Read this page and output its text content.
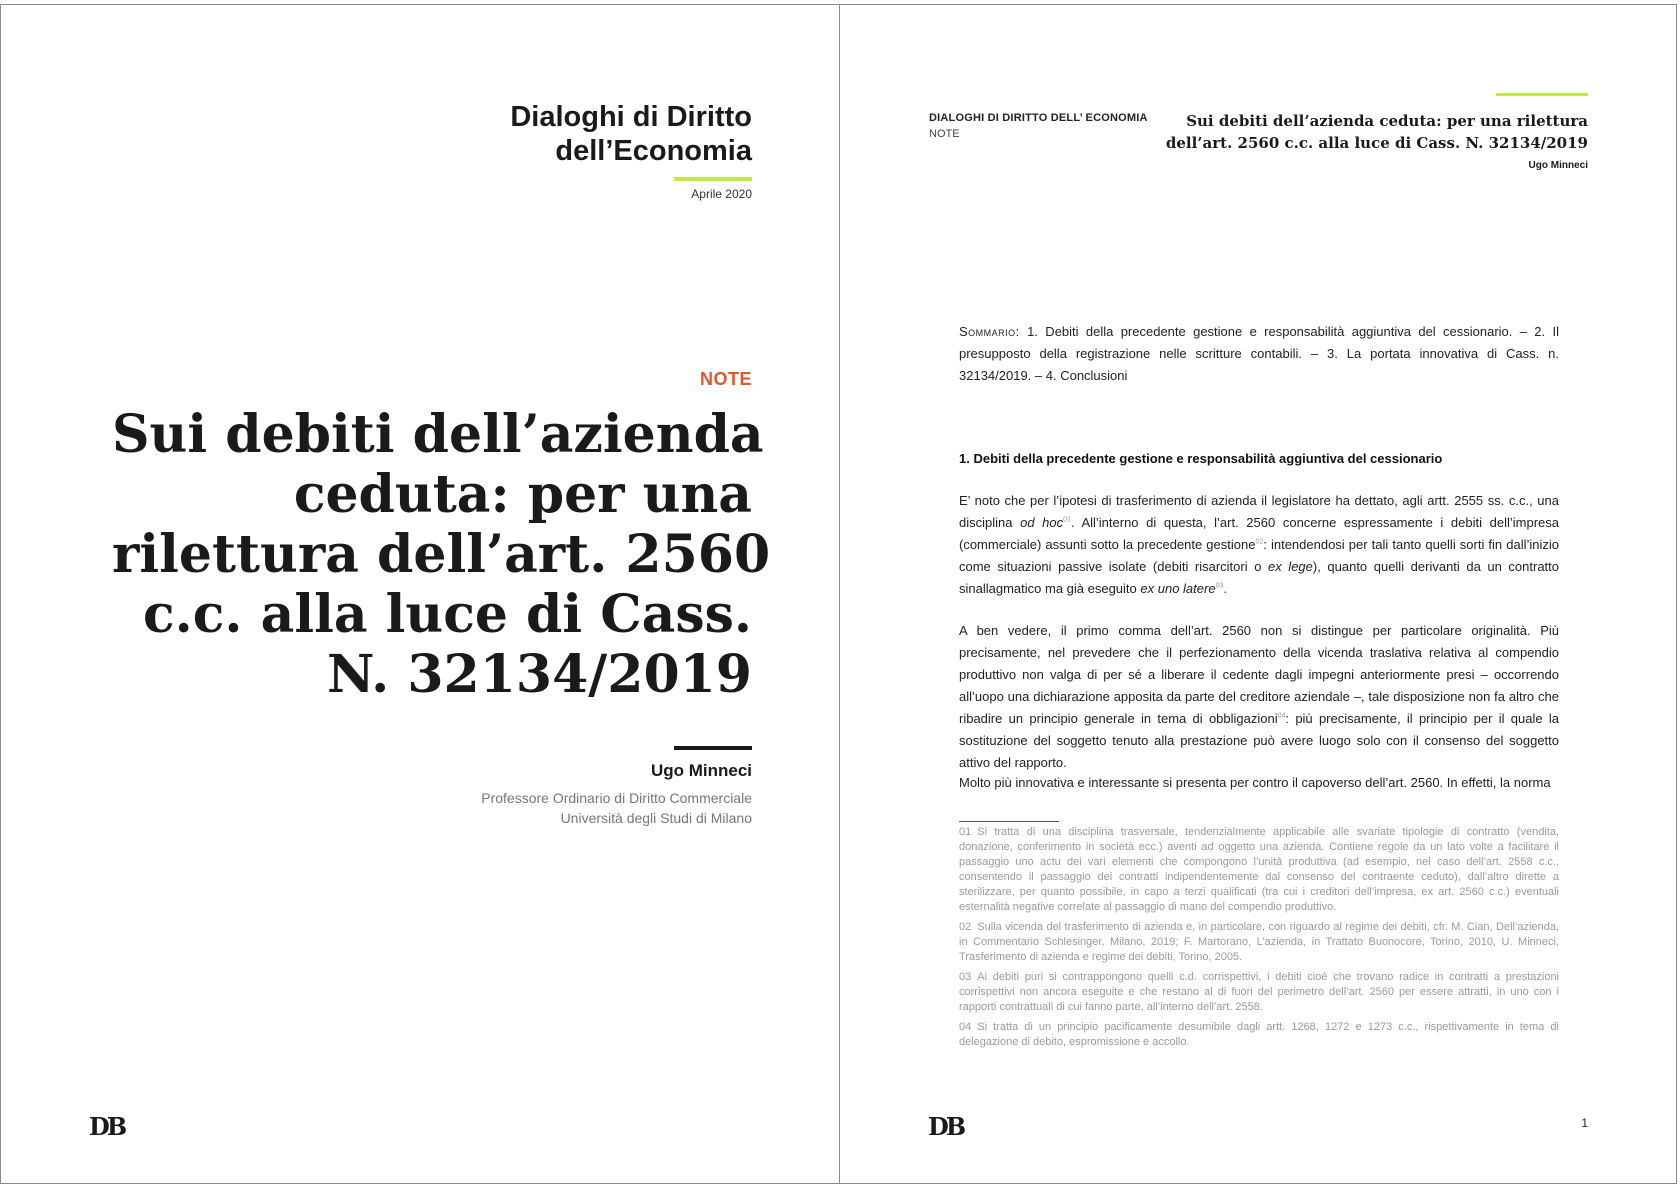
Dialoghi di Diritto
dell’Economia
Aprile 2020
NOTE
Sui debiti dell’azienda
ceduta: per una
rilettura dell’art. 2560
c.c. alla luce di Cass.
N. 32134/2019
Ugo Minneci
Professore Ordinario di Diritto Commerciale
Università degli Studi di Milano
DB
DIALOGHI DI DIRITTO DELL’ ECONOMIA
NOTE
Sui debiti dell’azienda ceduta: per una rilettura
dell’art. 2560 c.c. alla luce di Cass. N. 32134/2019
Ugo Minneci
Sommario: 1. Debiti della precedente gestione e responsabilità aggiuntiva del cessionario. – 2. Il presupposto della registrazione nelle scritture contabili. – 3. La portata innovativa di Cass. n. 32134/2019. – 4. Conclusioni
1. Debiti della precedente gestione e responsabilità aggiuntiva del cessionario
E’ noto che per l’ipotesi di trasferimento di azienda il legislatore ha dettato, agli artt. 2555 ss. c.c., una disciplina od hoc$^{01}$. All’interno di questa, l’art. 2560 concerne espressamente i debiti dell’impresa (commerciale) assunti sotto la precedente gestione$^{02}$: intendendosi per tali tanto quelli sorti fin dall’inizio come situazioni passive isolate (debiti risarcitori o ex lege), quanto quelli derivanti da un contratto sinallagmatico ma già eseguito ex uno latere$^{03}$.
A ben vedere, il primo comma dell’art. 2560 non si distingue per particolare originalità. Più precisamente, nel prevedere che il perfezionamento della vicenda traslativa relativa al compendio produttivo non valga di per sé a liberare il cedente dagli impegni anteriormente presi – occorrendo all’uopo una dichiarazione apposita da parte del creditore aziendale –, tale disposizione non fa altro che ribadire un principio generale in tema di obbligazioni$^{04}$: più precisamente, il principio per il quale la sostituzione del soggetto tenuto alla prestazione può avere luogo solo con il consenso del soggetto attivo del rapporto.
Molto più innovativa e interessante si presenta per contro il capoverso dell’art. 2560. In effetti, la norma
01 Si tratta di una disciplina trasversale, tendenzialmente applicabile alle svariate tipologie di contratto (vendita, donazione, conferimento in società ecc.) aventi ad oggetto una azienda. Contiene regole da un lato volte a facilitare il passaggio uno actu dei vari elementi che compongono l’unità produttiva (ad esempio, nel caso dell’art. 2558 c.c., consentendo il passaggio dei contratti indipendentemente dal consenso del contraente ceduto), dall’altro dirette a sterilizzare, per quanto possibile, in capo a terzi qualificati (tra cui i creditori dell’impresa, ex art. 2560 c.c.) eventuali esternalità negative correlate al passaggio di mano del compendio produttivo.
02 Sulla vicenda del trasferimento di azienda e, in particolare, con riguardo al regime dei debiti, cfr. M. Cian, Dell’azienda, in Commentario Schlesinger, Milano, 2019; F. Martorano, L’azienda, in Trattato Buonocore, Torino, 2010, U. Minneci, Trasferimento di azienda e regime dei debiti, Torino, 2005.
03 Ai debiti puri si contrappongono quelli c.d. corrispettivi, i debiti cioè che trovano radice in contratti a prestazioni corrispettivi non ancora eseguite e che restano al di fuori del perimetro dell’art. 2560 per essere attratti, in uno con i rapporti contrattuali di cui fanno parte, all’interno dell’art. 2558.
04 Si tratta di un principio pacificamente desumibile dagli artt. 1268, 1272 e 1273 c.c., rispettivamente in tema di delegazione di debito, espromissione e accollo.
DB	1
